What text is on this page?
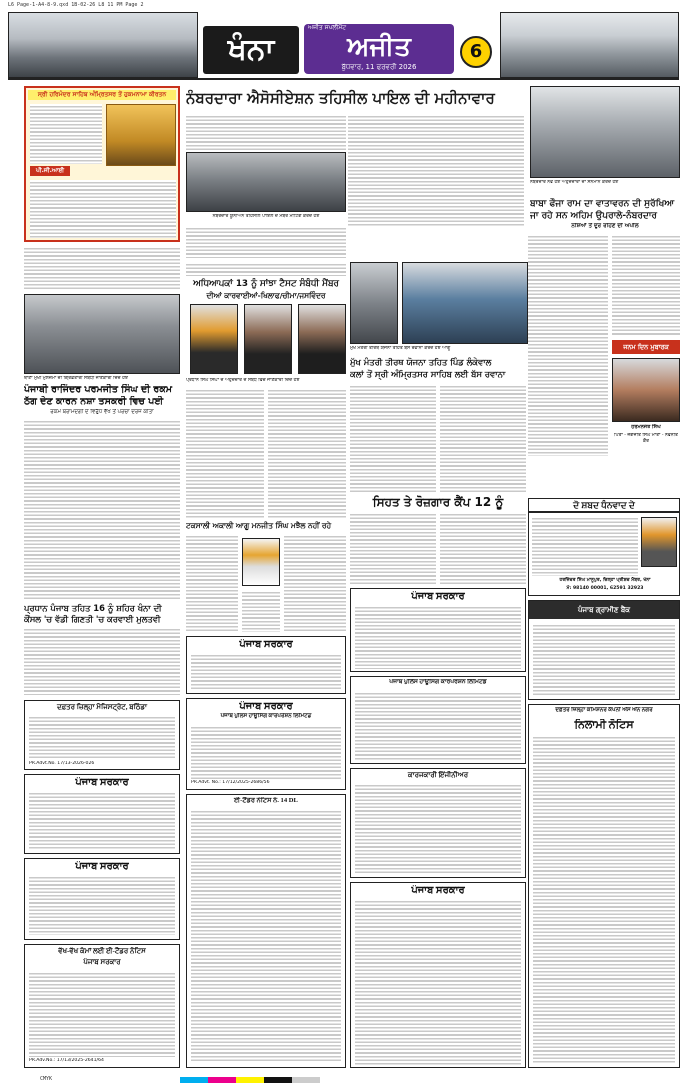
L6 Page-1-A4-8-9.qxd 1B-02-26 L8 11 PM Page 2
ਖੰਨਾ
ਅਜੀਤ ਸਪਲੀਮੈਂਟ
ਅਜੀਤ
ਬੁੱਧਵਾਰ, 11 ਫਰਵਰੀ 2026
6
ਸ੍ਰੀ ਹਰਿਮੰਦਰ ਸਾਹਿਬ ਅੰਮ੍ਰਿਤਸਰ ਤੋਂ ਹੁਕਮਨਾਮਾ ਕੀਰਤਨ
ਪੀ.ਜੀ.ਆਈ
ਥਾਣਾ ਮੁਖੀ ਮੁਲਜ਼ਮਾਂ ਦੀ ਗ੍ਰਿਫ਼ਤਾਰੀ ਸੰਬੰਧੀ ਜਾਣਕਾਰੀ ਦਿੰਦੇ ਹੋਏ
ਪੰਜਾਬੀ ਰਾਜਿੰਦਰ ਪਰਮਜੀਤ ਸਿੰਘ ਦੀ ਰਕਮ
ਠੱਗ ਦੇਣ ਕਾਰਨ ਨਸ਼ਾ ਤਸਕਰੀ ਵਿਚ ਪਈ
ਰਕਮ ਬਰਾਮਦਗੀ ਦੇ ਵਿਰੁੱਧ ਵੱਖ ਤੋਂ ਪਰਚਾ ਦਰਜ ਕੀਤਾ
ਪ੍ਰਧਾਨ ਪੰਜਾਬ ਤਹਿਤ 16 ਨੂੰ ਸ਼ਹਿਰ ਖੰਨਾ ਦੀ
ਕੌਂਸਲ 'ਚ ਵੱਡੀ ਗਿਣਤੀ 'ਚ ਕਰਵਾਈ ਮੁਲਤਵੀ
ਦਫ਼ਤਰ ਜ਼ਿਲ੍ਹਾ ਮੈਜਿਸਟ੍ਰੇਟ, ਬਠਿੰਡਾ
PR.Advt.No. 17/13-2026-026
ਪੰਜਾਬ ਸਰਕਾਰ
ਪੰਜਾਬ ਸਰਕਾਰ
ਵੱਖ-ਵੱਖ ਕੰਮਾਂ ਲਈ ਈ-ਟੈਂਡਰ ਨੋਟਿਸ
ਪੰਜਾਬ ਸਰਕਾਰ
PR.Adv.No.: 17/13/2025-2641/64
ਨੰਬਰਦਾਰਾ ਐਸੋਸੀਏਸ਼ਨ ਤਹਿਸੀਲ ਪਾਇਲ ਦੀ ਮਹੀਨਾਵਾਰ
ਨੰਬਰਦਾਰ ਯੂਨੀਅਨ ਤਹਿਸੀਲ ਪਾਇਲ ਦੇ ਮੈਂਬਰ ਮੀਟਿੰਗ ਕਰਦੇ ਹੋਏ
ਨੰਬਰਦਾਰ ਨਵੇਂ ਹੋਏ ਅਹੁਦੇਦਾਰਾਂ ਦਾ ਸਨਮਾਨ ਕਰਦੇ ਹੋਏ
ਬਾਬਾ ਫੌਜਾ ਰਾਮ ਦਾ ਵਾਤਾਵਰਨ ਦੀ ਸੁਰੱਖਿਆ
ਜਾ ਰਹੇ ਸਨ ਅਹਿਮ ਉਪਰਾਲੇ-ਨੰਬਰਦਾਰ
ਨਸ਼ਿਆਂ ਤੋਂ ਦੂਰ ਰਹਿਣ ਦੀ ਅਪੀਲ
ਜਨਮ ਦਿਨ ਮੁਬਾਰਕ
ਹਰਮਨਜੋਤ ਸਿੰਘ
ਪਿਤਾ - ਜਗਜੀਤ ਸਿੰਘ ਮਾਤਾ - ਨਵਨੀਤ ਕੌਰ
ਅਧਿਆਪਕਾਂ 13 ਨੂੰ ਸਾਂਝਾ ਟੈਸਟ ਸੰਬੰਧੀ ਮੈਂਬਰ
ਦੀਆਂ ਕਾਰਵਾਈਆਂ-ਖਿਲਾਫ/ਚੀਮਾ/ਜਸਵਿੰਦਰ
ਮੁੱਖ ਮੰਤਰੀ ਤੀਰਥ ਯੋਜਨਾ ਤਹਿਤ ਬੱਸ ਰਵਾਨਾ ਕਰਦੇ ਹੋਏ ਆਗੂ
ਮੁੱਖ ਮੰਤਰੀ ਤੀਰਥ ਯੋਜਨਾ ਤਹਿਤ ਪਿੰਡ ਲੰਕੇਵਾਲ
ਕਲਾਂ ਤੋਂ ਸ੍ਰੀ ਅੰਮ੍ਰਿਤਸਰ ਸਾਹਿਬ ਲਈ ਬੱਸ ਰਵਾਨਾ
ਪ੍ਰਧਾਨ ਸਿੰਘ ਸਿੰਘਾਂ ਦੇ ਅਹੁਦੇਦਾਰ ਦੇ ਸੰਬੰਧ ਵਿਚ ਜਾਣਕਾਰੀ ਦਿੰਦੇ ਹੋਏ
ਸਿਹਤ ਤੇ ਰੋਜ਼ਗਾਰ ਕੈਂਪ 12 ਨੂੰ
ਟਕਸਾਲੀ ਅਕਾਲੀ ਆਗੂ ਮਨਜੀਤ ਸਿੰਘ ਮਝੈਲ ਨਹੀਂ ਰਹੇ
ਦੋ ਸ਼ਬਦ ਧੰਨਵਾਦ ਦੇ
ਹਰਜਿੰਦਰ ਸਿੰਘ ਮਾਨੂਪੁਰ, ਜ਼ਿਲ੍ਹਾ ਪ੍ਰੀਸ਼ਦ ਮੈਂਬਰ, ਖੰਨਾ
ਮੋ: 98140 00001, 62591 32923
ਪੰਜਾਬ ਗ੍ਰਾਮੀਣ ਬੈਂਕ
ਪੰਜਾਬ ਸਰਕਾਰ
ਪੰਜਾਬ ਸਰਕਾਰ
ਪੰਜਾਬ ਪੁਲਿਸ ਹਾਊਸਿੰਗ ਕਾਰਪੋਰੇਸ਼ਨ ਲਿਮਿਟਡ
PR.Advt. No.: 17/12/2025-2686/56
ਈ-ਟੈਂਡਰ ਨੋਟਿਸ ਨੰ. 14 DL
ਪੰਜਾਬ ਸਰਕਾਰ
ਪੰਜਾਬ ਪੁਲਿਸ ਹਾਊਸਿੰਗ ਕਾਰਪੋਰੇਸ਼ਨ ਲਿਮਿਟਡ
ਕਾਰਜਕਾਰੀ ਇੰਜੀਨੀਅਰ
ਪੰਜਾਬ ਸਰਕਾਰ
ਦਫ਼ਤਰ ਜ਼ਿਲ੍ਹਾ ਕਮਿਸ਼ਨਰ ਕੰਪਨੀ ਐੱਸ ਐੱਨ ਨਗਰ
ਨਿਲਾਮੀ ਨੋਟਿਸ
CMYK
